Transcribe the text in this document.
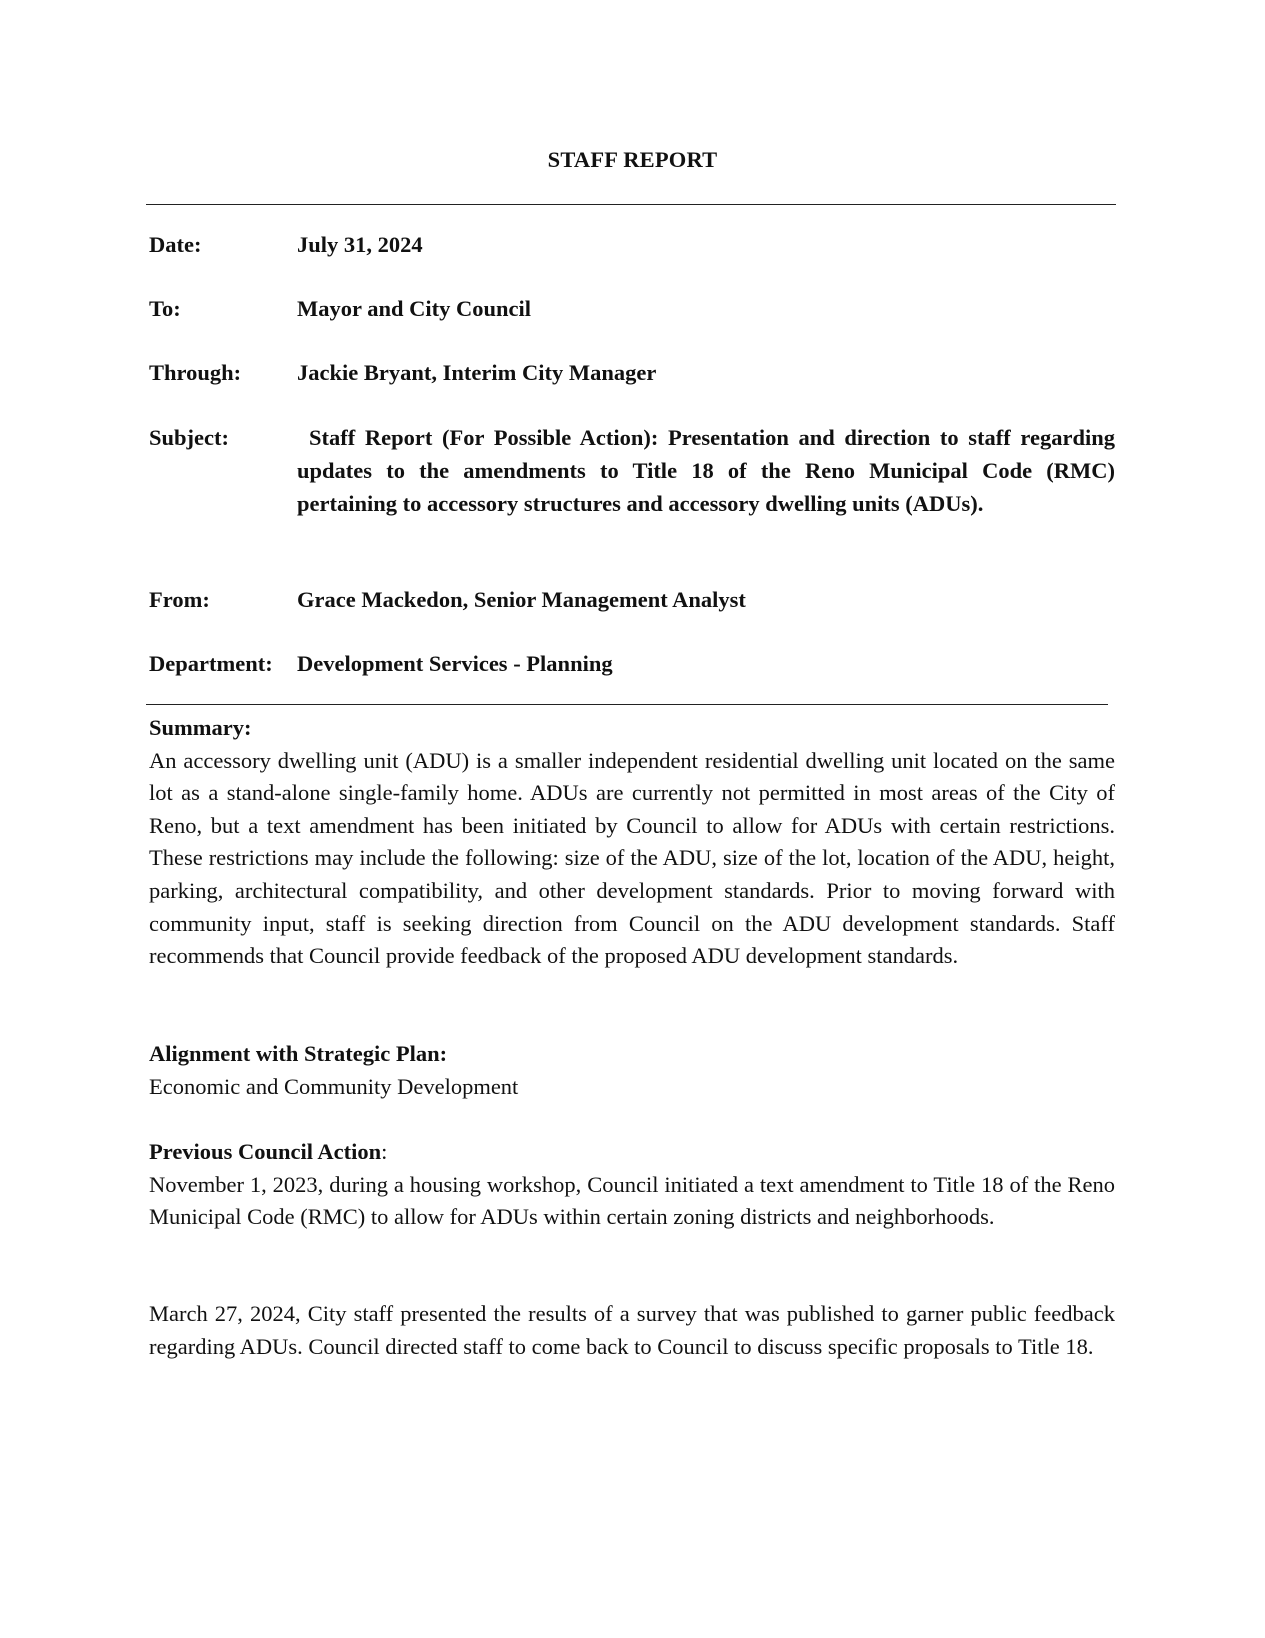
STAFF REPORT
Date:	July 31, 2024
To:	Mayor and City Council
Through: Jackie Bryant, Interim City Manager
Subject:	Staff Report (For Possible Action): Presentation and direction to staff regarding updates to the amendments to Title 18 of the Reno Municipal Code (RMC) pertaining to accessory structures and accessory dwelling units (ADUs).
From:	Grace Mackedon, Senior Management Analyst
Department: Development Services - Planning
Summary:
An accessory dwelling unit (ADU) is a smaller independent residential dwelling unit located on the same lot as a stand-alone single-family home. ADUs are currently not permitted in most areas of the City of Reno, but a text amendment has been initiated by Council to allow for ADUs with certain restrictions. These restrictions may include the following: size of the ADU, size of the lot, location of the ADU, height, parking, architectural compatibility, and other development standards. Prior to moving forward with community input, staff is seeking direction from Council on the ADU development standards. Staff recommends that Council provide feedback of the proposed ADU development standards.
Alignment with Strategic Plan:
Economic and Community Development
Previous Council Action:
November 1, 2023, during a housing workshop, Council initiated a text amendment to Title 18 of the Reno Municipal Code (RMC) to allow for ADUs within certain zoning districts and neighborhoods.
March 27, 2024, City staff presented the results of a survey that was published to garner public feedback regarding ADUs. Council directed staff to come back to Council to discuss specific proposals to Title 18.
